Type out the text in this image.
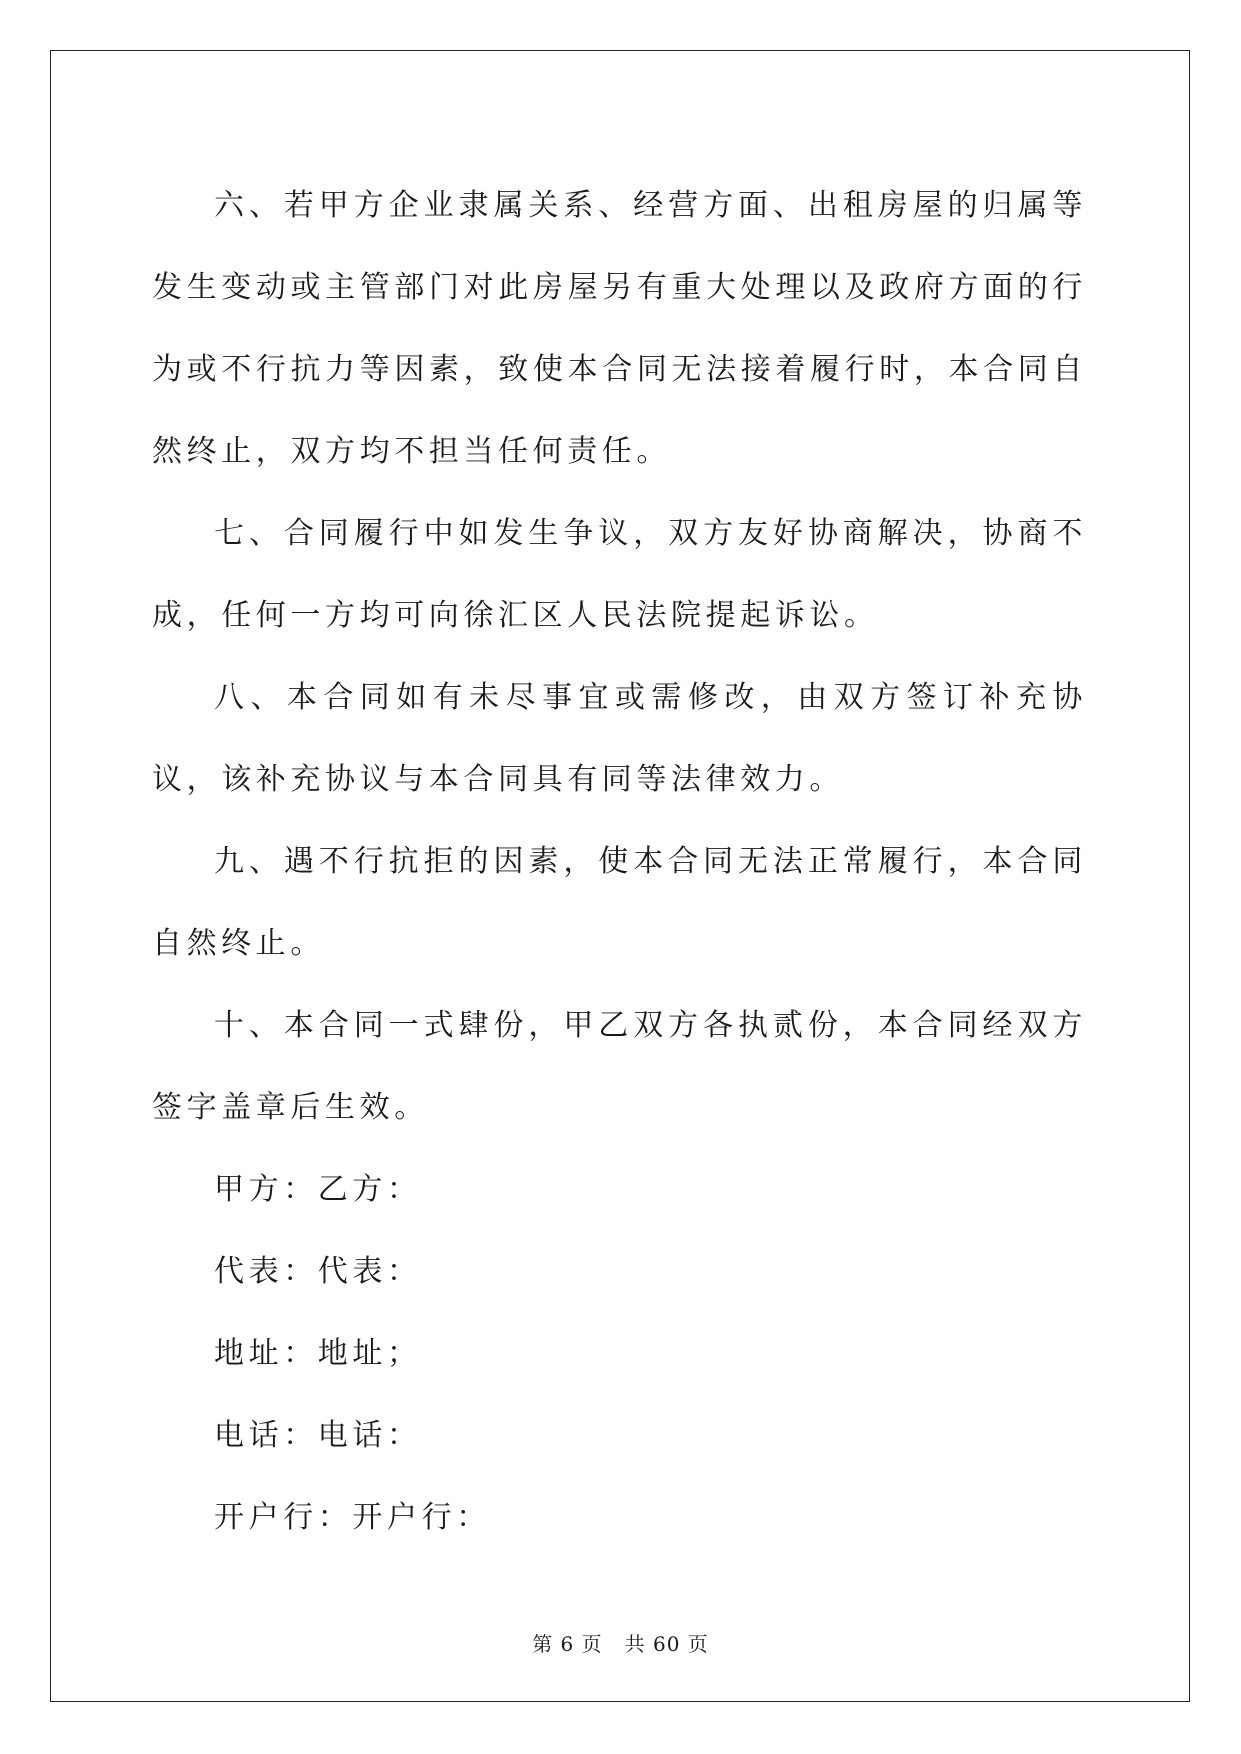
六、若甲方企业隶属关系、经营方面、出租房屋的归属等发生变动或主管部门对此房屋另有重大处理以及政府方面的行为或不行抗力等因素，致使本合同无法接着履行时，本合同自然终止，双方均不担当任何责任。

七、合同履行中如发生争议，双方友好协商解决，协商不成，任何一方均可向徐汇区人民法院提起诉讼。

八、本合同如有未尽事宜或需修改，由双方签订补充协议，该补充协议与本合同具有同等法律效力。

九、遇不行抗拒的因素，使本合同无法正常履行，本合同自然终止。

十、本合同一式肆份，甲乙双方各执贰份，本合同经双方签字盖章后生效。

甲方：乙方：

代表：代表：

地址：地址；

电话：电话：

开户行：开户行：

第 6 页 共 60 页
